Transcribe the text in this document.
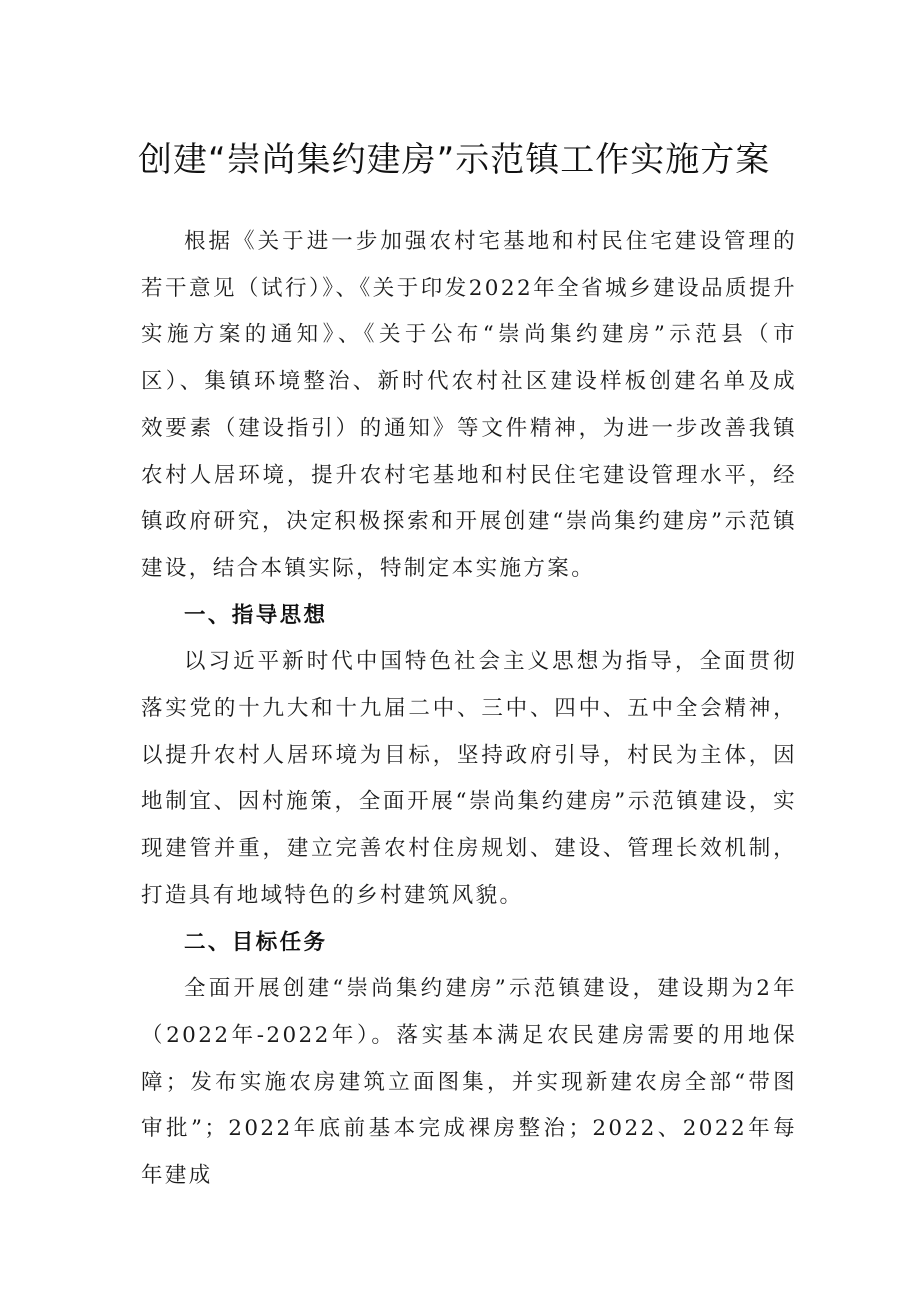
创建“崇尚集约建房”示范镇工作实施方案

根据《关于进一步加强农村宅基地和村民住宅建设管理的若干意见（试行）》、《关于印发2022年全省城乡建设品质提升实施方案的通知》、《关于公布“崇尚集约建房”示范县（市区）、集镇环境整治、新时代农村社区建设样板创建名单及成效要素（建设指引）的通知》等文件精神，为进一步改善我镇农村人居环境，提升农村宅基地和村民住宅建设管理水平，经镇政府研究，决定积极探索和开展创建“崇尚集约建房”示范镇建设，结合本镇实际，特制定本实施方案。

一、指导思想

以习近平新时代中国特色社会主义思想为指导，全面贯彻落实党的十九大和十九届二中、三中、四中、五中全会精神，以提升农村人居环境为目标，坚持政府引导，村民为主体，因地制宜、因村施策，全面开展“崇尚集约建房”示范镇建设，实现建管并重，建立完善农村住房规划、建设、管理长效机制，打造具有地域特色的乡村建筑风貌。

二、目标任务

全面开展创建“崇尚集约建房”示范镇建设，建设期为2年（2022年-2022年）。落实基本满足农民建房需要的用地保障；发布实施农房建筑立面图集，并实现新建农房全部“带图审批”；2022年底前基本完成裸房整治；2022、2022年每年建成
